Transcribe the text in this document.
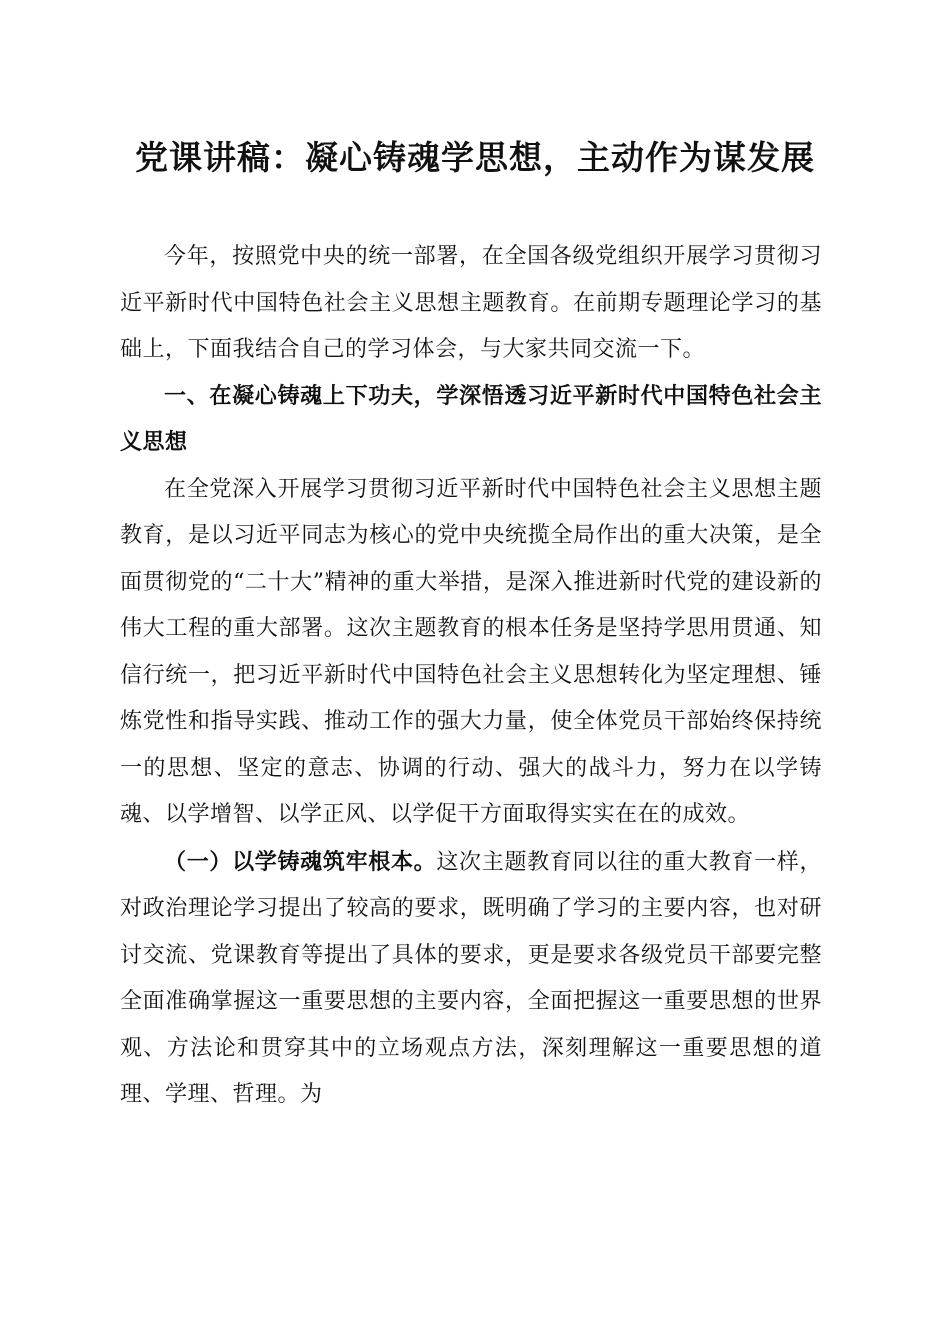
党课讲稿：凝心铸魂学思想，主动作为谋发展

今年，按照党中央的统一部署，在全国各级党组织开展学习贯彻习近平新时代中国特色社会主义思想主题教育。在前期专题理论学习的基础上，下面我结合自己的学习体会，与大家共同交流一下。

一、在凝心铸魂上下功夫，学深悟透习近平新时代中国特色社会主义思想

在全党深入开展学习贯彻习近平新时代中国特色社会主义思想主题教育，是以习近平同志为核心的党中央统揽全局作出的重大决策，是全面贯彻党的“二十大”精神的重大举措，是深入推进新时代党的建设新的伟大工程的重大部署。这次主题教育的根本任务是坚持学思用贯通、知信行统一，把习近平新时代中国特色社会主义思想转化为坚定理想、锤炼党性和指导实践、推动工作的强大力量，使全体党员干部始终保持统一的思想、坚定的意志、协调的行动、强大的战斗力，努力在以学铸魂、以学增智、以学正风、以学促干方面取得实实在在的成效。

（一）以学铸魂筑牢根本。这次主题教育同以往的重大教育一样，对政治理论学习提出了较高的要求，既明确了学习的主要内容，也对研讨交流、党课教育等提出了具体的要求，更是要求各级党员干部要完整全面准确掌握这一重要思想的主要内容，全面把握这一重要思想的世界观、方法论和贯穿其中的立场观点方法，深刻理解这一重要思想的道理、学理、哲理。为
